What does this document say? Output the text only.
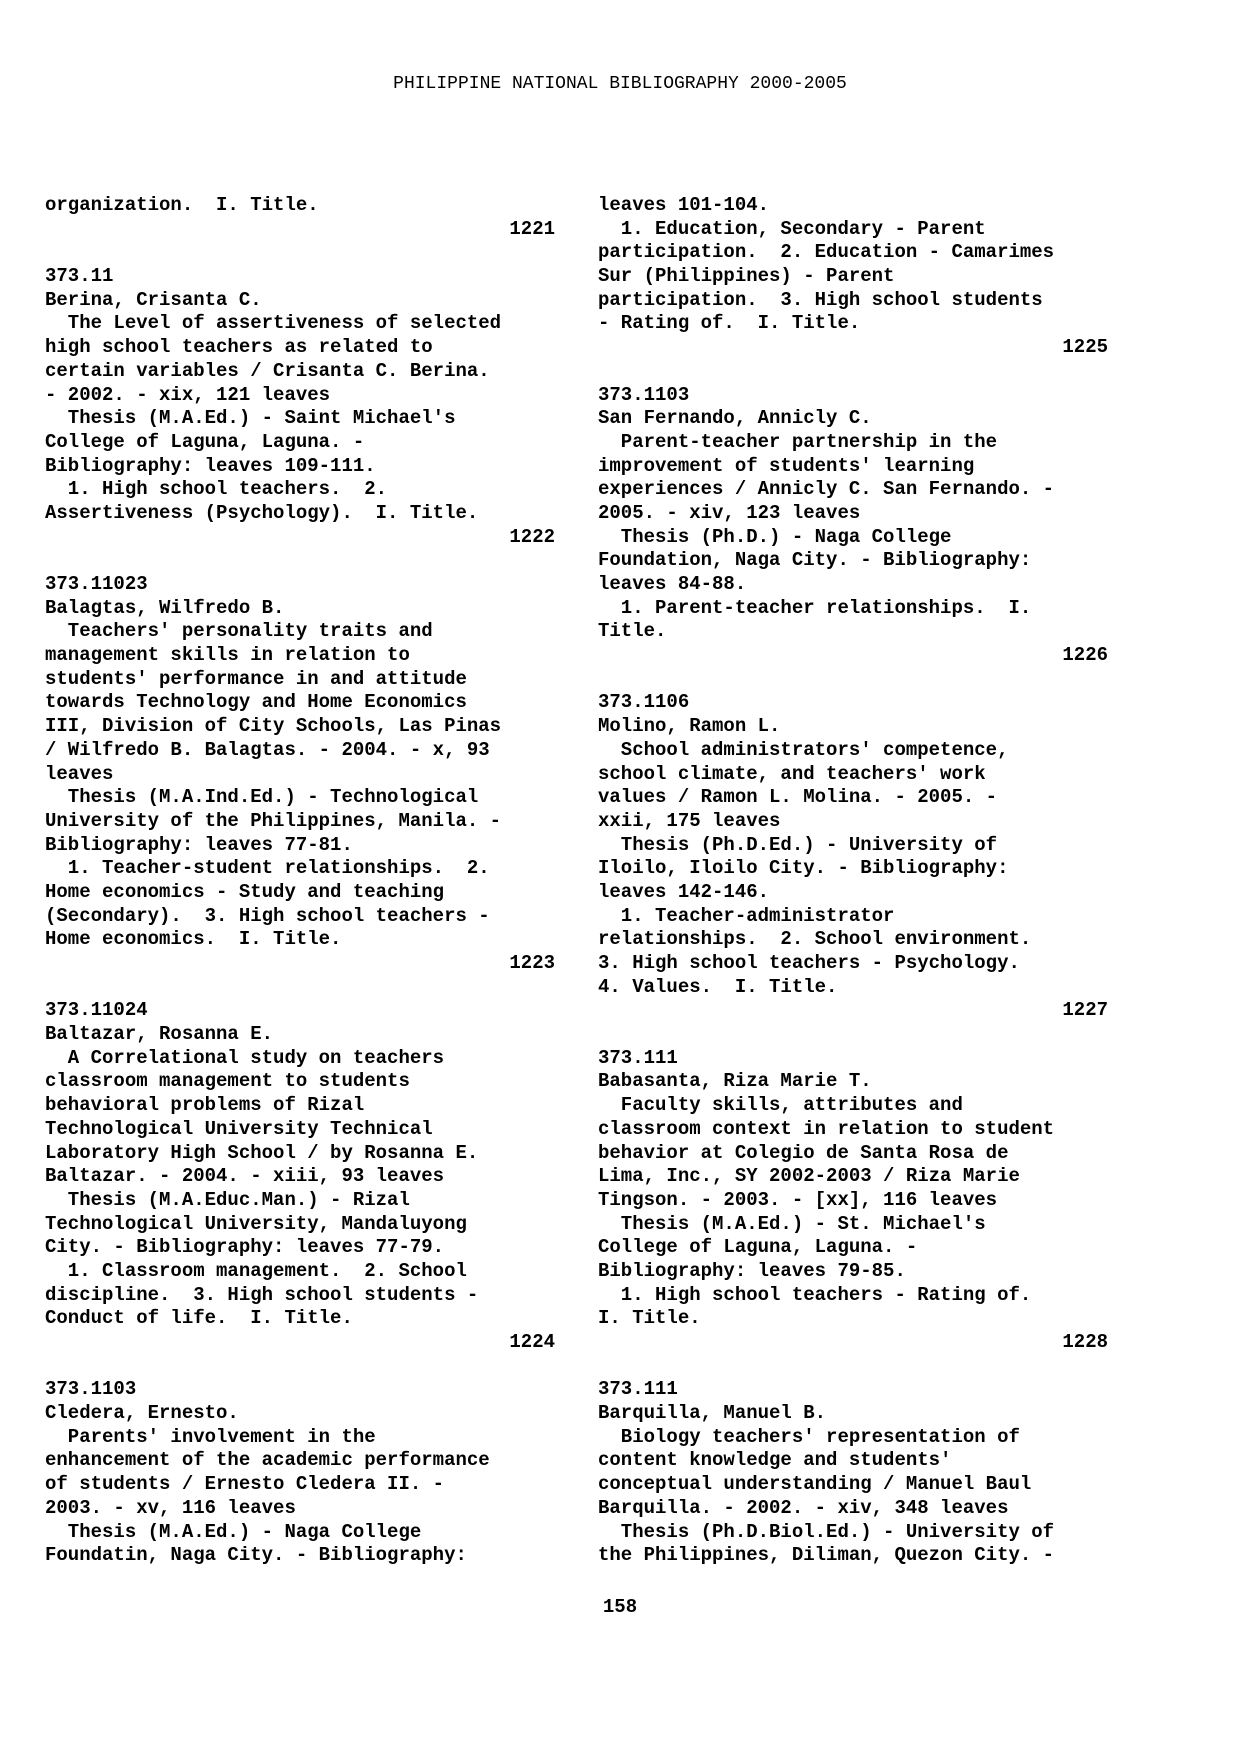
PHILIPPINE NATIONAL BIBLIOGRAPHY 2000-2005
organization.  I. Title.
1221
373.11
Berina, Crisanta C.
The Level of assertiveness of selected
high school teachers as related to
certain variables / Crisanta C. Berina.
- 2002. - xix, 121 leaves
Thesis (M.A.Ed.) - Saint Michael's
College of Laguna, Laguna. -
Bibliography: leaves 109-111.
1. High school teachers.  2.
Assertiveness (Psychology).  I. Title.
1222
373.11023
Balagtas, Wilfredo B.
Teachers' personality traits and
management skills in relation to
students' performance in and attitude
towards Technology and Home Economics
III, Division of City Schools, Las Pinas
/ Wilfredo B. Balagtas. - 2004. - x, 93
leaves
Thesis (M.A.Ind.Ed.) - Technological
University of the Philippines, Manila. -
Bibliography: leaves 77-81.
1. Teacher-student relationships.  2.
Home economics - Study and teaching
(Secondary).  3. High school teachers -
Home economics.  I. Title.
1223
373.11024
Baltazar, Rosanna E.
A Correlational study on teachers
classroom management to students
behavioral problems of Rizal
Technological University Technical
Laboratory High School / by Rosanna E.
Baltazar. - 2004. - xiii, 93 leaves
Thesis (M.A.Educ.Man.) - Rizal
Technological University, Mandaluyong
City. - Bibliography: leaves 77-79.
1. Classroom management.  2. School
discipline.  3. High school students -
Conduct of life.  I. Title.
1224
373.1103
Cledera, Ernesto.
Parents' involvement in the
enhancement of the academic performance
of students / Ernesto Cledera II. -
2003. - xv, 116 leaves
Thesis (M.A.Ed.) - Naga College
Foundatin, Naga City. - Bibliography:
leaves 101-104.
1. Education, Secondary - Parent
participation.  2. Education - Camarimes
Sur (Philippines) - Parent
participation.  3. High school students
- Rating of.  I. Title.
1225
373.1103
San Fernando, Annicly C.
Parent-teacher partnership in the
improvement of students' learning
experiences / Annicly C. San Fernando. -
2005. - xiv, 123 leaves
Thesis (Ph.D.) - Naga College
Foundation, Naga City. - Bibliography:
leaves 84-88.
1. Parent-teacher relationships.  I.
Title.
1226
373.1106
Molino, Ramon L.
School administrators' competence,
school climate, and teachers' work
values / Ramon L. Molina. - 2005. -
xxii, 175 leaves
Thesis (Ph.D.Ed.) - University of
Iloilo, Iloilo City. - Bibliography:
leaves 142-146.
1. Teacher-administrator
relationships.  2. School environment.
3. High school teachers - Psychology.
4. Values.  I. Title.
1227
373.111
Babasanta, Riza Marie T.
Faculty skills, attributes and
classroom context in relation to student
behavior at Colegio de Santa Rosa de
Lima, Inc., SY 2002-2003 / Riza Marie
Tingson. - 2003. - [xx], 116 leaves
Thesis (M.A.Ed.) - St. Michael's
College of Laguna, Laguna. -
Bibliography: leaves 79-85.
1. High school teachers - Rating of.
I. Title.
1228
373.111
Barquilla, Manuel B.
Biology teachers' representation of
content knowledge and students'
conceptual understanding / Manuel Baul
Barquilla. - 2002. - xiv, 348 leaves
Thesis (Ph.D.Biol.Ed.) - University of
the Philippines, Diliman, Quezon City. -
158
